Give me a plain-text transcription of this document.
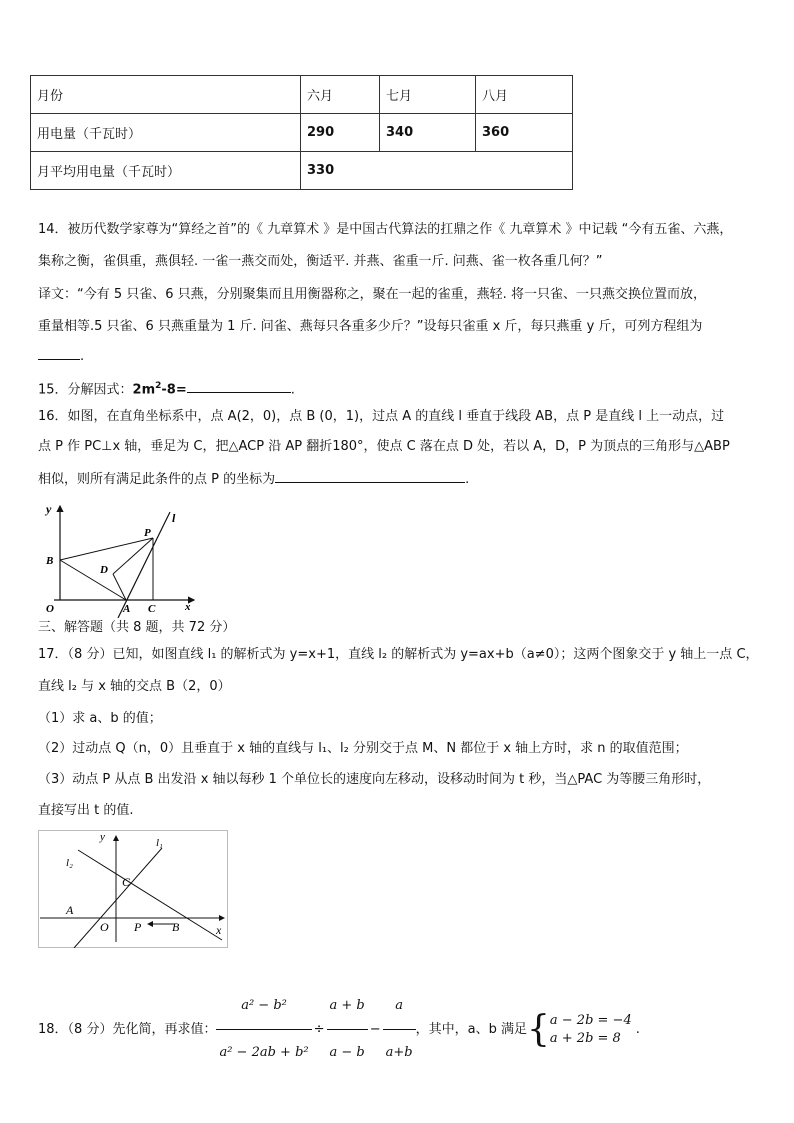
月份	六月	七月	八月
用电量（千瓦时）	290	340	360
月平均用电量（千瓦时）	330		
14．被历代数学家尊为“算经之首”的《 九章算术 》是中国古代算法的扛鼎之作《 九章算术 》中记载 “今有五雀、六燕，
集称之衡，雀俱重，燕俱轻. 一雀一燕交而处，衡适平. 并燕、雀重一斤. 问燕、雀一枚各重几何？”
译文：“今有 5 只雀、6 只燕，分别聚集而且用衡器称之，聚在一起的雀重，燕轻. 将一只雀、一只燕交换位置而放，
重量相等.5 只雀、6 只燕重量为 1 斤. 问雀、燕每只各重多少斤？”设每只雀重 x 斤，每只燕重 y 斤，可列方程组为
.
15．分解因式：$2m^2-8=$	.
16．如图，在直角坐标系中，点 A(2，0)，点 B (0，1)，过点 A 的直线 l 垂直于线段 AB，点 P 是直线 l 上一动点，过
点 P 作 PC⊥x 轴，垂足为 C，把△ACP 沿 AP 翻折180°，使点 C 落在点 D 处，若以 A，D，P 为顶点的三角形与△ABP
相似，则所有满足此条件的点 P 的坐标为	.
y
l
P
B
D
O	A C	x
三、解答题（共 8 题，共 72 分）
17．（8 分）已知，如图直线 l₁ 的解析式为 y=x+1，直线 l₂ 的解析式为 y=ax+b（a≠0）；这两个图象交于 y 轴上一点 C，
直线 l₂ 与 x 轴的交点 B（2，0）
（1）求 a、b 的值；
（2）过动点 Q（n，0）且垂直于 x 轴的直线与 l₁、l₂ 分别交于点 M、N 都位于 x 轴上方时，求 n 的取值范围；
（3）动点 P 从点 B 出发沿 x 轴以每秒 1 个单位长的速度向左移动，设移动时间为 t 秒，当△PAC 为等腰三角形时，
直接写出 t 的值.
y	l₁
l₂
C
A
O P	B	x
18．（8 分）先化简，再求值： $\frac{\text{a² − b²}}{\text{a² − 2ab + b²}} \div \frac{a + b}{a - b} - \frac{a}{a+b}$ ，其中，a、b 满足 { a − 2b = −4
a + 2b = 8
.
